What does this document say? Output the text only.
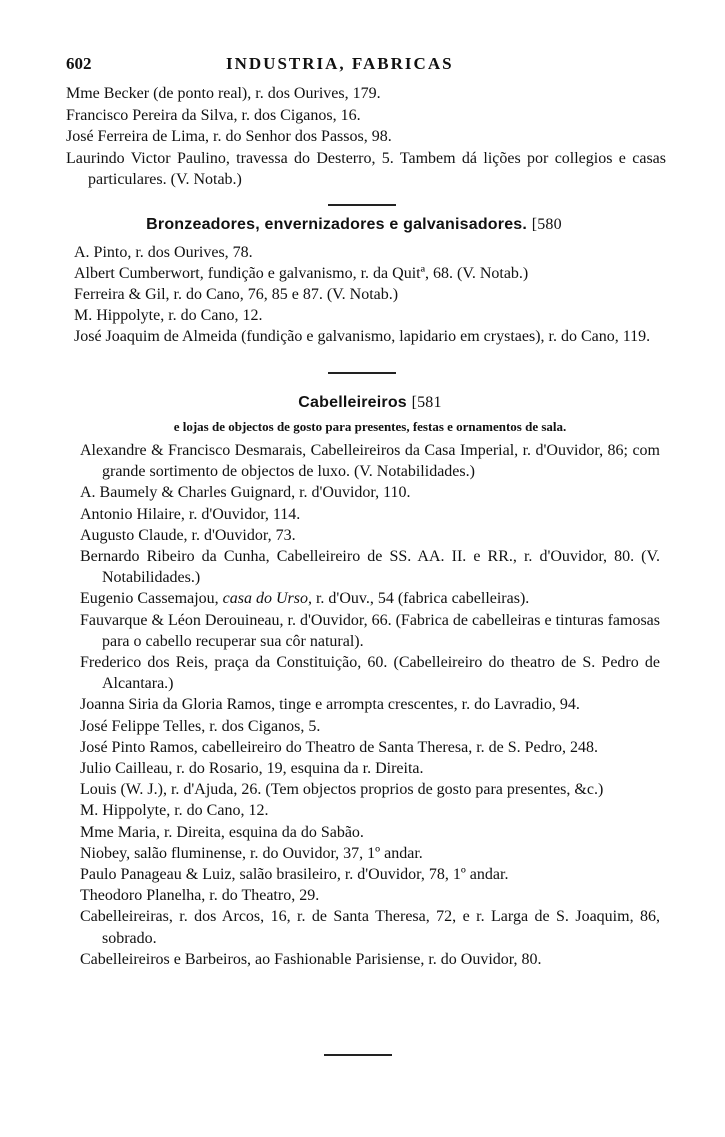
602	INDUSTRIA, FABRICAS

Mme Becker (de ponto real), r. dos Ourives, 179.

Francisco Pereira da Silva, r. dos Ciganos, 16.

José Ferreira de Lima, r. do Senhor dos Passos, 98.

Laurindo Victor Paulino, travessa do Desterro, 5. Tambem dá lições por collegios e casas particulares. (V. Notab.)

Bronzeadores, envernizadores e galvanisadores. [580

A. Pinto, r. dos Ourives, 78.

Albert Cumberwort, fundição e galvanismo, r. da Quitª, 68. (V. Notab.)

Ferreira & Gil, r. do Cano, 76, 85 e 87. (V. Notab.)

M. Hippolyte, r. do Cano, 12.

José Joaquim de Almeida (fundição e galvanismo, lapidario em crystaes), r. do Cano, 119.

Cabelleireiros [581

e lojas de objectos de gosto para presentes, festas e ornamentos de sala.

Alexandre & Francisco Desmarais, Cabelleireiros da Casa Imperial, r. d'Ouvidor, 86; com grande sortimento de objectos de luxo. (V. Notabilidades.)

A. Baumely & Charles Guignard, r. d'Ouvidor, 110.

Antonio Hilaire, r. d'Ouvidor, 114.

Augusto Claude, r. d'Ouvidor, 73.

Bernardo Ribeiro da Cunha, Cabelleireiro de SS. AA. II. e RR., r. d'Ouvidor, 80. (V. Notabilidades.)

Eugenio Cassemajou, casa do Urso, r. d'Ouv., 54 (fabrica cabelleiras).

Fauvarque & Léon Derouineau, r. d'Ouvidor, 66. (Fabrica de cabelleiras e tinturas famosas para o cabello recuperar sua côr natural).

Frederico dos Reis, praça da Constituição, 60. (Cabelleireiro do theatro de S. Pedro de Alcantara.)

Joanna Siria da Gloria Ramos, tinge e arrompta crescentes, r. do Lavradio, 94.

José Felippe Telles, r. dos Ciganos, 5.

José Pinto Ramos, cabelleireiro do Theatro de Santa Theresa, r. de S. Pedro, 248.

Julio Cailleau, r. do Rosario, 19, esquina da r. Direita.

Louis (W. J.), r. d'Ajuda, 26. (Tem objectos proprios de gosto para presentes, &c.)

M. Hippolyte, r. do Cano, 12.

Mme Maria, r. Direita, esquina da do Sabão.

Niobey, salão fluminense, r. do Ouvidor, 37, 1º andar.

Paulo Panageau & Luiz, salão brasileiro, r. d'Ouvidor, 78, 1º andar.

Theodoro Planelha, r. do Theatro, 29.

Cabelleireiras, r. dos Arcos, 16, r. de Santa Theresa, 72, e r. Larga de S. Joaquim, 86, sobrado.

Cabelleireiros e Barbeiros, ao Fashionable Parisiense, r. do Ouvidor, 80.
